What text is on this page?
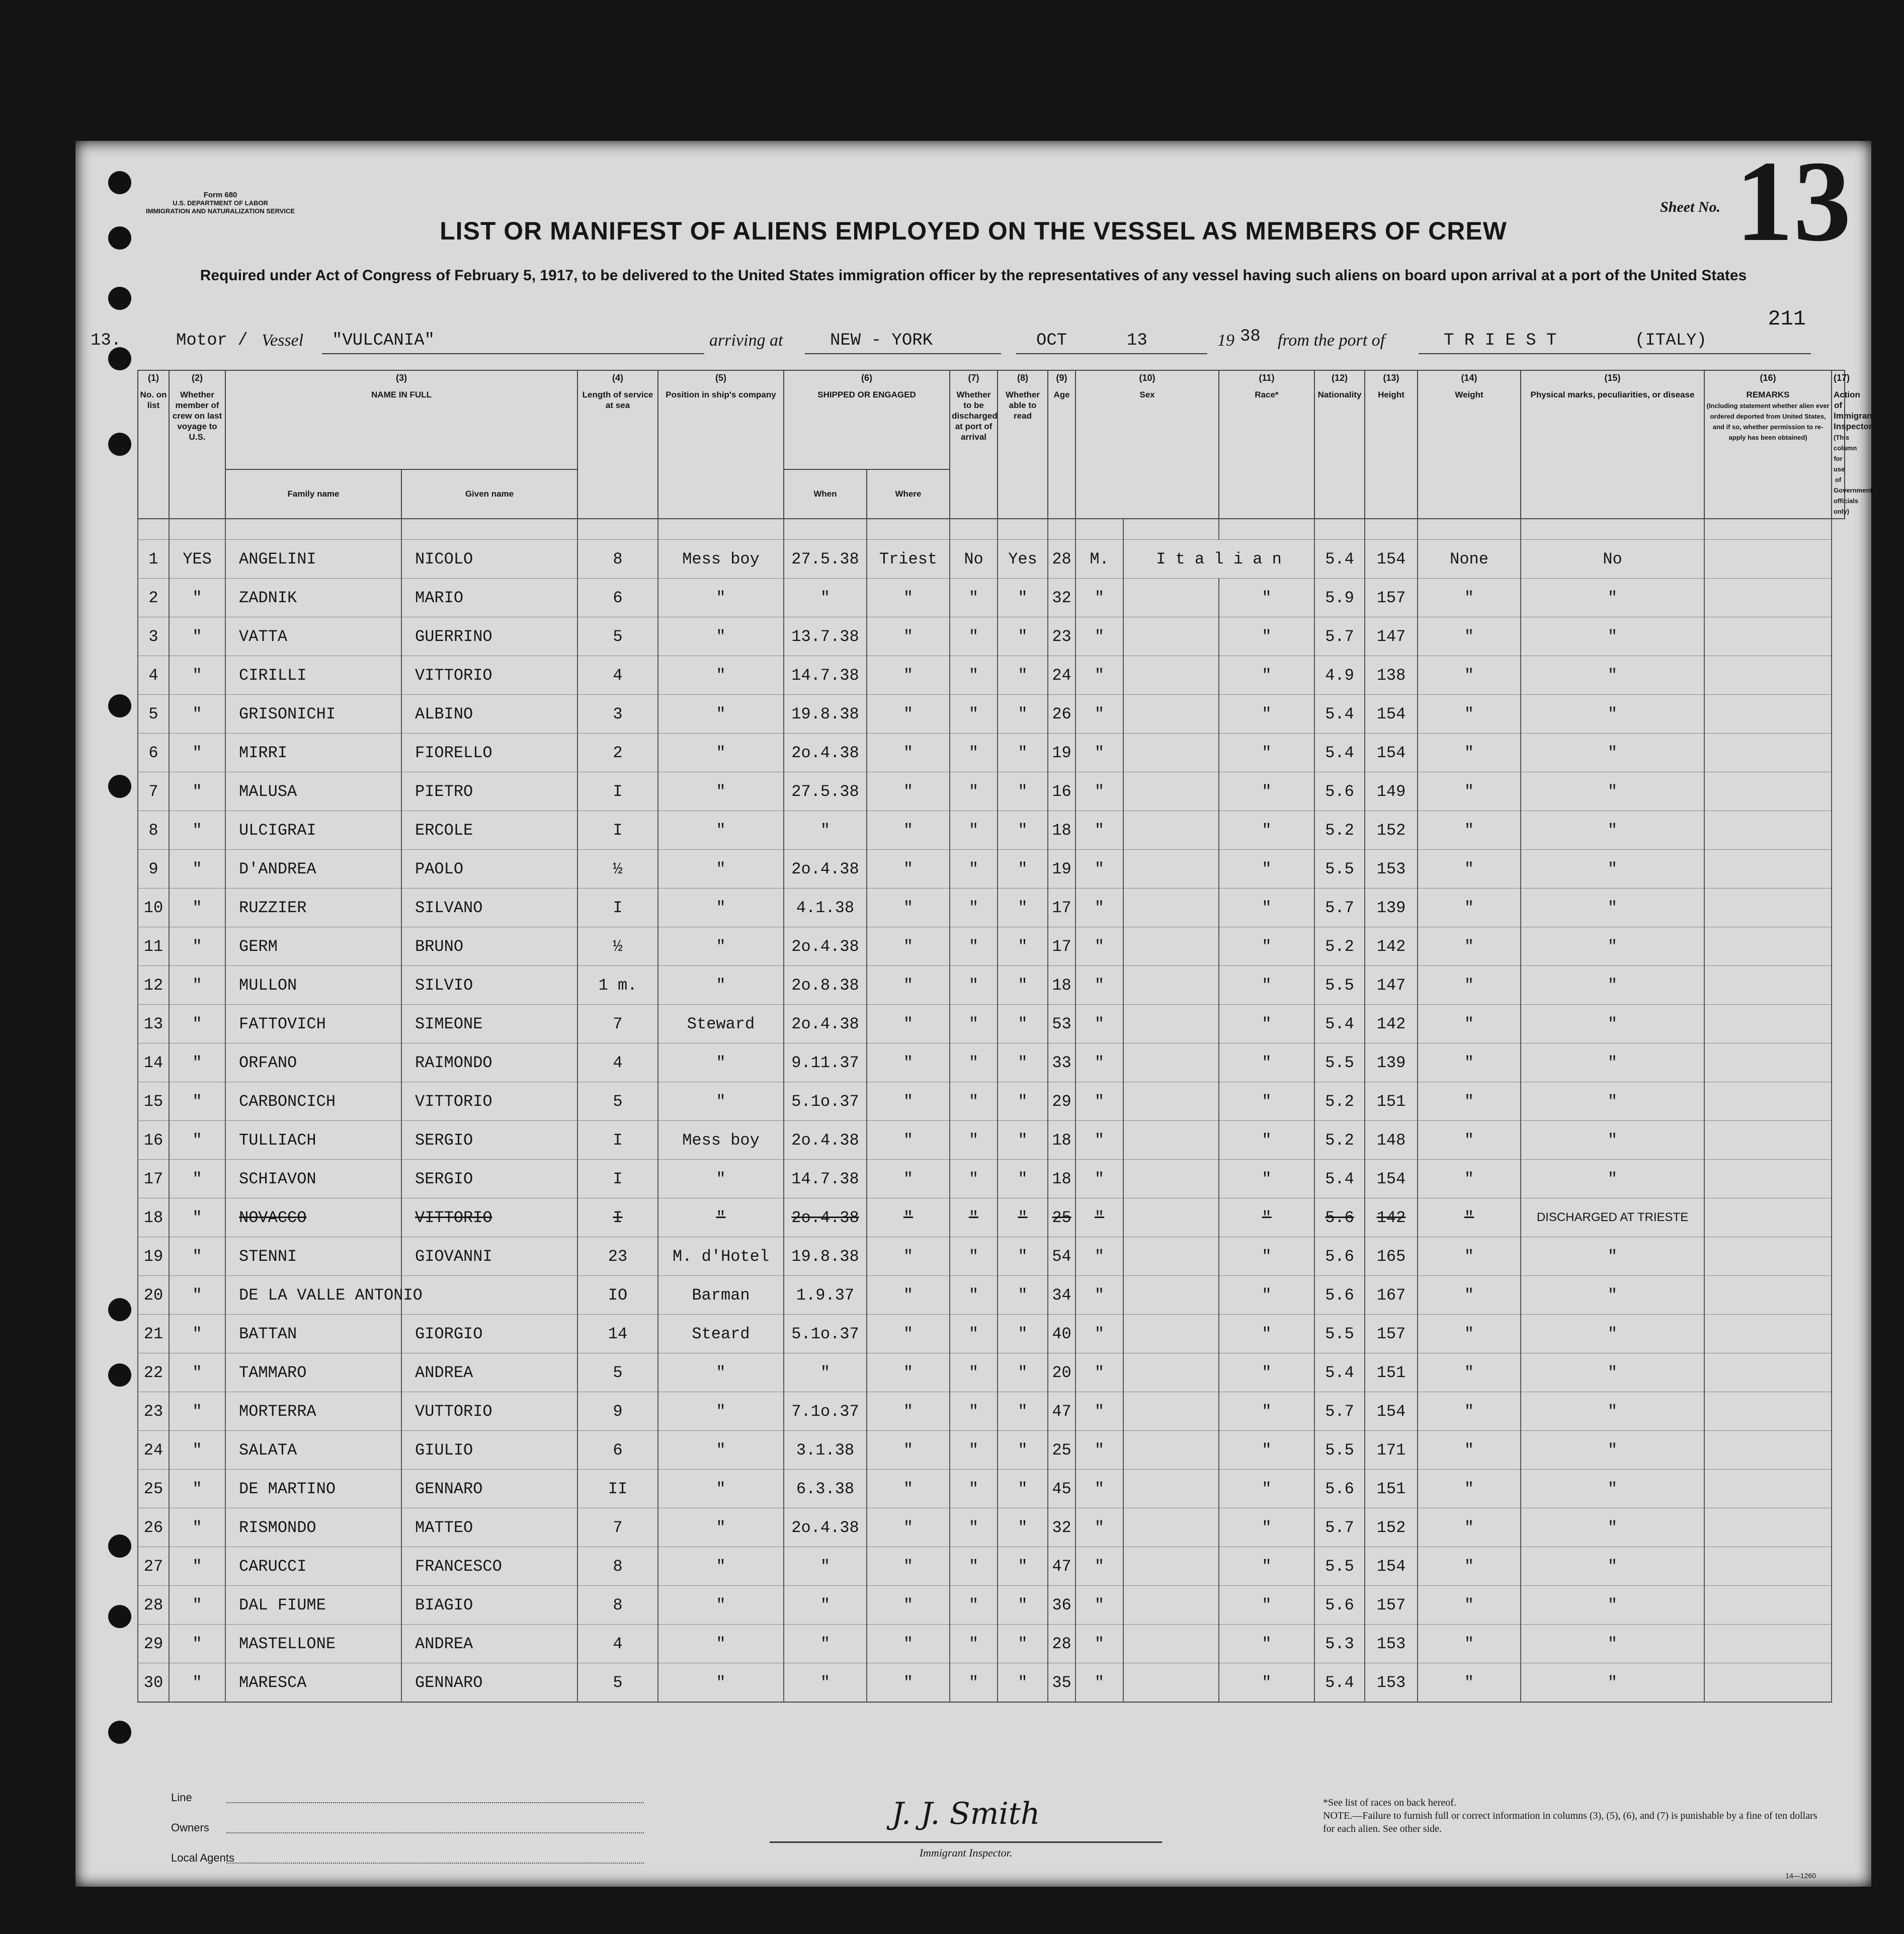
Form 680
U.S. DEPARTMENT OF LABOR
IMMIGRATION AND NATURALIZATION SERVICE	Sheet No. 13
LIST OR MANIFEST OF ALIENS EMPLOYED ON THE VESSEL AS MEMBERS OF CREW
Required under Act of Congress of February 5, 1917, to be delivered to the United States immigration officer by the representatives of any vessel having such aliens on board upon arrival at a port of the United States
211
13.	Motor / Vessel "VULCANIA"	arriving at	NEW - YORK	OCT	13	19 38 from the port of	T R I E S T	(ITALY)
(1)
No. on list	(2)
Whether member of crew on last voyage to U.S.	(3)
NAME IN FULL		(4)
Length of service at sea	(5)
Position in ship's company	(6)
SHIPPED OR ENGAGED		(7)
Whether to be discharged at port of arrival	(8)
Whether able to read	(9)
Age	(10)
Sex		(11)
Race*	(12)
Nationality	(13)
Height	(14)
Weight	(15)
Physical marks, peculiarities, or disease	(16)
REMARKS
(Including statement whether alien ever ordered deported from United States, and if so, whether permission to re-apply has been obtained)	(17)
Action of Immigrant Inspector
(This column for use of Government officials only)
		Family name	Given name			When	Where												

1	YES	ANGELINI	NICOLO	8	Mess boy	27.5.38	Triest	No	Yes	28	M.	I t a l i a n		5.4	154	None	No		
2	"	ZADNIK	MARIO	6	"	"	"	"	"	32	"		"	5.9	157	"	"		
3	"	VATTA	GUERRINO	5	"	13.7.38	"	"	"	23	"		"	5.7	147	"	"		
4	"	CIRILLI	VITTORIO	4	"	14.7.38	"	"	"	24	"		"	4.9	138	"	"		
5	"	GRISONICHI	ALBINO	3	"	19.8.38	"	"	"	26	"		"	5.4	154	"	"		
6	"	MIRRI	FIORELLO	2	"	2o.4.38	"	"	"	19	"		"	5.4	154	"	"		
7	"	MALUSA	PIETRO	I	"	27.5.38	"	"	"	16	"		"	5.6	149	"	"		
8	"	ULCIGRAI	ERCOLE	I	"	"	"	"	"	18	"		"	5.2	152	"	"		
9	"	D'ANDREA	PAOLO	½	"	2o.4.38	"	"	"	19	"		"	5.5	153	"	"		
10	"	RUZZIER	SILVANO	I	"	4.1.38	"	"	"	17	"		"	5.7	139	"	"		
11	"	GERM	BRUNO	½	"	2o.4.38	"	"	"	17	"		"	5.2	142	"	"		
12	"	MULLON	SILVIO	1 m.	"	2o.8.38	"	"	"	18	"		"	5.5	147	"	"		
13	"	FATTOVICH	SIMEONE	7	Steward	2o.4.38	"	"	"	53	"		"	5.4	142	"	"		
14	"	ORFANO	RAIMONDO	4	"	9.11.37	"	"	"	33	"		"	5.5	139	"	"		
15	"	CARBONCICH	VITTORIO	5	"	5.1o.37	"	"	"	29	"		"	5.2	151	"	"		
16	"	TULLIACH	SERGIO	I	Mess boy	2o.4.38	"	"	"	18	"		"	5.2	148	"	"		
17	"	SCHIAVON	SERGIO	I	"	14.7.38	"	"	"	18	"		"	5.4	154	"	"		
18	"	NOVACCO	VITTORIO	I	"	2o.4.38	"	"	"	25	"		"	5.6	142	"	DISCHARGED AT TRIESTE		
19	"	STENNI	GIOVANNI	23	M. d'Hotel	19.8.38	"	"	"	54	"		"	5.6	165	"	"		
20	"	DE LA VALLE ANTONIO		IO	Barman	1.9.37	"	"	"	34	"		"	5.6	167	"	"		
21	"	BATTAN	GIORGIO	14	Steard	5.1o.37	"	"	"	40	"		"	5.5	157	"	"		
22	"	TAMMARO	ANDREA	5	"	"	"	"	"	20	"		"	5.4	151	"	"		
23	"	MORTERRA	VUTTORIO	9	"	7.1o.37	"	"	"	47	"		"	5.7	154	"	"		
24	"	SALATA	GIULIO	6	"	3.1.38	"	"	"	25	"		"	5.5	171	"	"		
25	"	DE MARTINO	GENNARO	II	"	6.3.38	"	"	"	45	"		"	5.6	151	"	"		
26	"	RISMONDO	MATTEO	7	"	2o.4.38	"	"	"	32	"		"	5.7	152	"	"		
27	"	CARUCCI	FRANCESCO	8	"	"	"	"	"	47	"		"	5.5	154	"	"		
28	"	DAL FIUME	BIAGIO	8	"	"	"	"	"	36	"		"	5.6	157	"	"		
29	"	MASTELLONE	ANDREA	4	"	"	"	"	"	28	"		"	5.3	153	"	"		
30	"	MARESCA	GENNARO	5	"	"	"	"	"	35	"		"	5.4	153	"	"		
Line
Owners
Local Agents
J. J. Smith
Immigrant Inspector.
*See list of races on back hereof.
NOTE.—Failure to furnish full or correct information in columns (3), (5), (6), and (7) is punishable by a fine of ten dollars for each alien. See other side.
14—1260
